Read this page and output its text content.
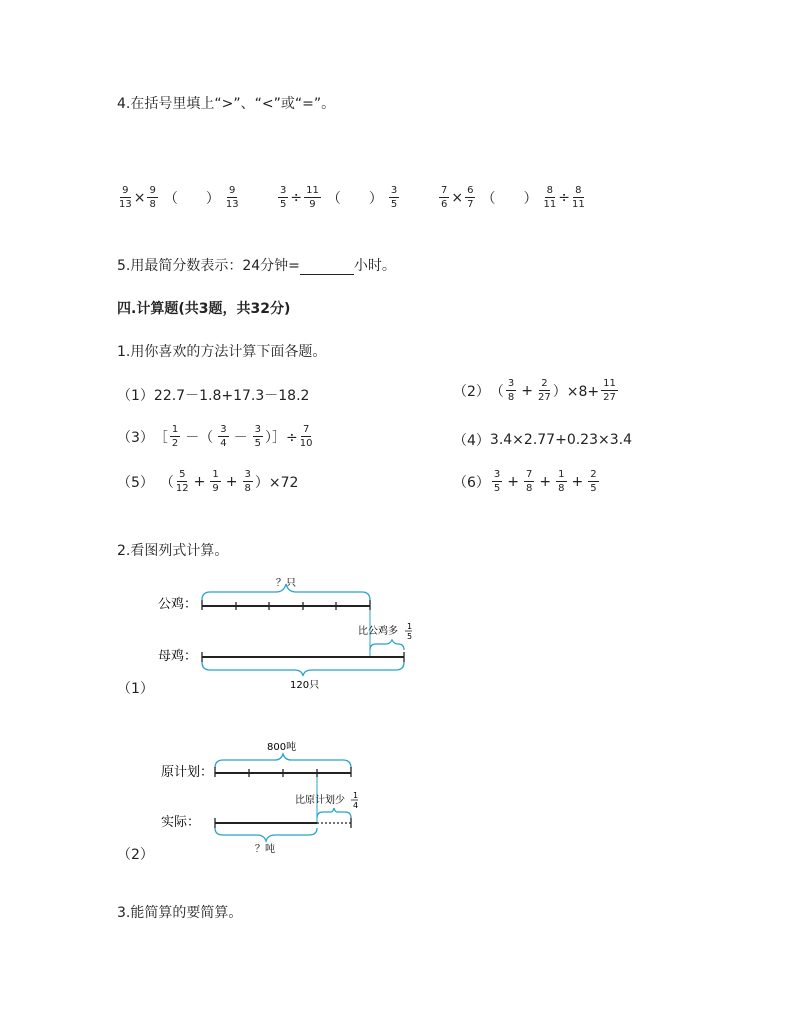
4.在括号里填上“>”、“<”或“=”。
$\frac{9}{13} \times \frac{9}{8}$ （　　） $\frac{9}{13}$	$\frac{3}{5} \div \frac{11}{9}$ （　　） $\frac{3}{5}$	$\frac{7}{6} \times \frac{6}{7}$ （　　） $\frac{8}{11} \div \frac{8}{11}$
5.用最简分数表示：24分钟=	小时。
四.计算题(共3题，共32分)
1.用你喜欢的方法计算下面各题。
（1） 22.7－1.8+17.3－18.2	（2） （ $\frac{3}{8} + \frac{2}{27} )\times 8+ \frac{11}{27}$
（3） ［ $\frac{1}{2}$ －（ $\frac{3}{4} - \frac{3}{5}$ ）］÷ $\frac{7}{10}$	（4） 3.4×2.77+0.23×3.4
（5） （ $\frac{5}{12} + \frac{1}{9} + \frac{3}{8} )\times 72$	$(6) \frac{3}{5} + \frac{7}{8} + \frac{1}{8} + \frac{2}{5}$
2.看图列式计算。
？只
公鸡：
比公鸡多 1
5
母鸡：
120只
（1）
800吨
原计划：
比原计划少 1
4
实际：
？吨
（2）
3.能简算的要简算。
